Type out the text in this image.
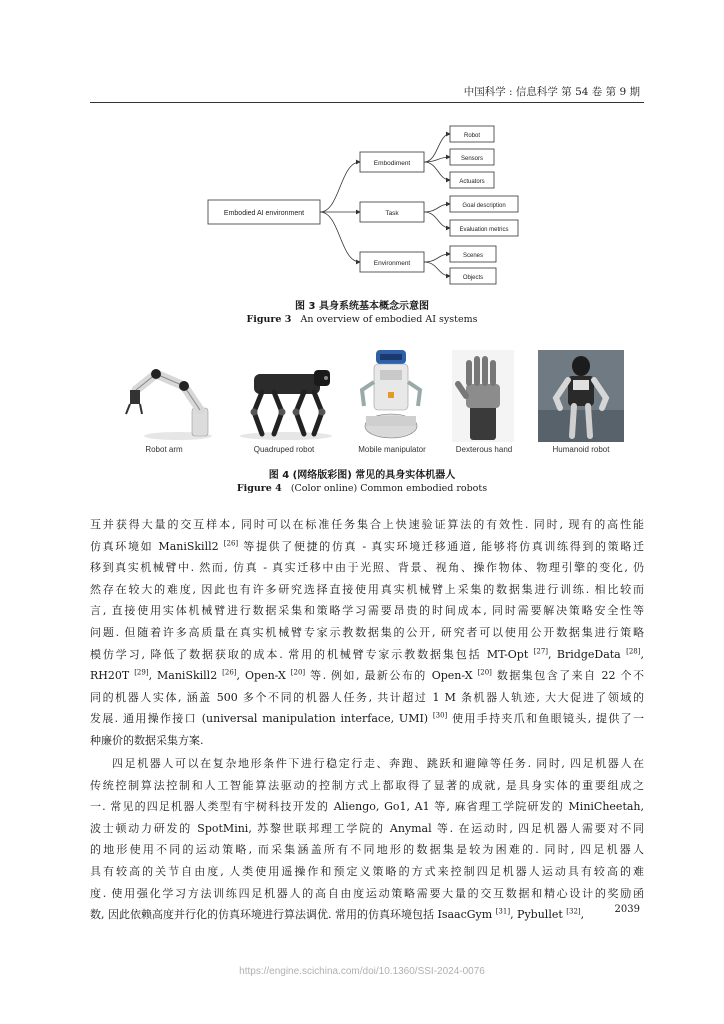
中国科学 : 信息科学 第 54 卷 第 9 期
Embodied AI environment
Embodiment
Task
Environment
Robot
Sensors
Actuators
Goal description
Evaluation metrics
Scenes
Objects
图 3 具身系统基本概念示意图
Figure 3 An overview of embodied AI systems
Robot arm	Quadruped robot	Mobile manipulator	Dexterous hand	Humanoid robot
图 4 (网络版彩图) 常见的具身实体机器人
Figure 4 (Color online) Common embodied robots
互并获得大量的交互样本, 同时可以在标准任务集合上快速验证算法的有效性. 同时, 现有的高性能
仿真环境如 ManiSkill2 [26] 等提供了便捷的仿真 - 真实环境迁移通道, 能够将仿真训练得到的策略迁
移到真实机械臂中. 然而, 仿真 - 真实迁移中由于光照、背景、视角、操作物体、物理引擎的变化, 仍
然存在较大的难度, 因此也有许多研究选择直接使用真实机械臂上采集的数据集进行训练. 相比较而
言, 直接使用实体机械臂进行数据采集和策略学习需要昂贵的时间成本, 同时需要解决策略安全性等
问题. 但随着许多高质量在真实机械臂专家示教数据集的公开, 研究者可以使用公开数据集进行策略
模仿学习, 降低了数据获取的成本. 常用的机械臂专家示教数据集包括 MT-Opt [27], BridgeData [28],
RH20T [29], ManiSkill2 [26], Open-X [20] 等. 例如, 最新公布的 Open-X [20] 数据集包含了来自 22 个不
同的机器人实体, 涵盖 500 多个不同的机器人任务, 共计超过 1 M 条机器人轨迹, 大大促进了领域的
发展. 通用操作接口 (universal manipulation interface, UMI) [30] 使用手持夹爪和鱼眼镜头, 提供了一
种廉价的数据采集方案.
四足机器人可以在复杂地形条件下进行稳定行走、奔跑、跳跃和避障等任务. 同时, 四足机器人在
传统控制算法控制和人工智能算法驱动的控制方式上都取得了显著的成就, 是具身实体的重要组成之
一. 常见的四足机器人类型有宇树科技开发的 Aliengo, Go1, A1 等, 麻省理工学院研发的 MiniCheetah,
波士顿动力研发的 SpotMini, 苏黎世联邦理工学院的 Anymal 等. 在运动时, 四足机器人需要对不同
的地形使用不同的运动策略, 而采集涵盖所有不同地形的数据集是较为困难的. 同时, 四足机器人
具有较高的关节自由度, 人类使用遥操作和预定义策略的方式来控制四足机器人运动具有较高的难
度. 使用强化学习方法训练四足机器人的高自由度运动策略需要大量的交互数据和精心设计的奖励函
数, 因此依赖高度并行化的仿真环境进行算法调优. 常用的仿真环境包括 IsaacGym [31], Pybullet [32],	2039
https://engine.scichina.com/doi/10.1360/SSI-2024-0076
